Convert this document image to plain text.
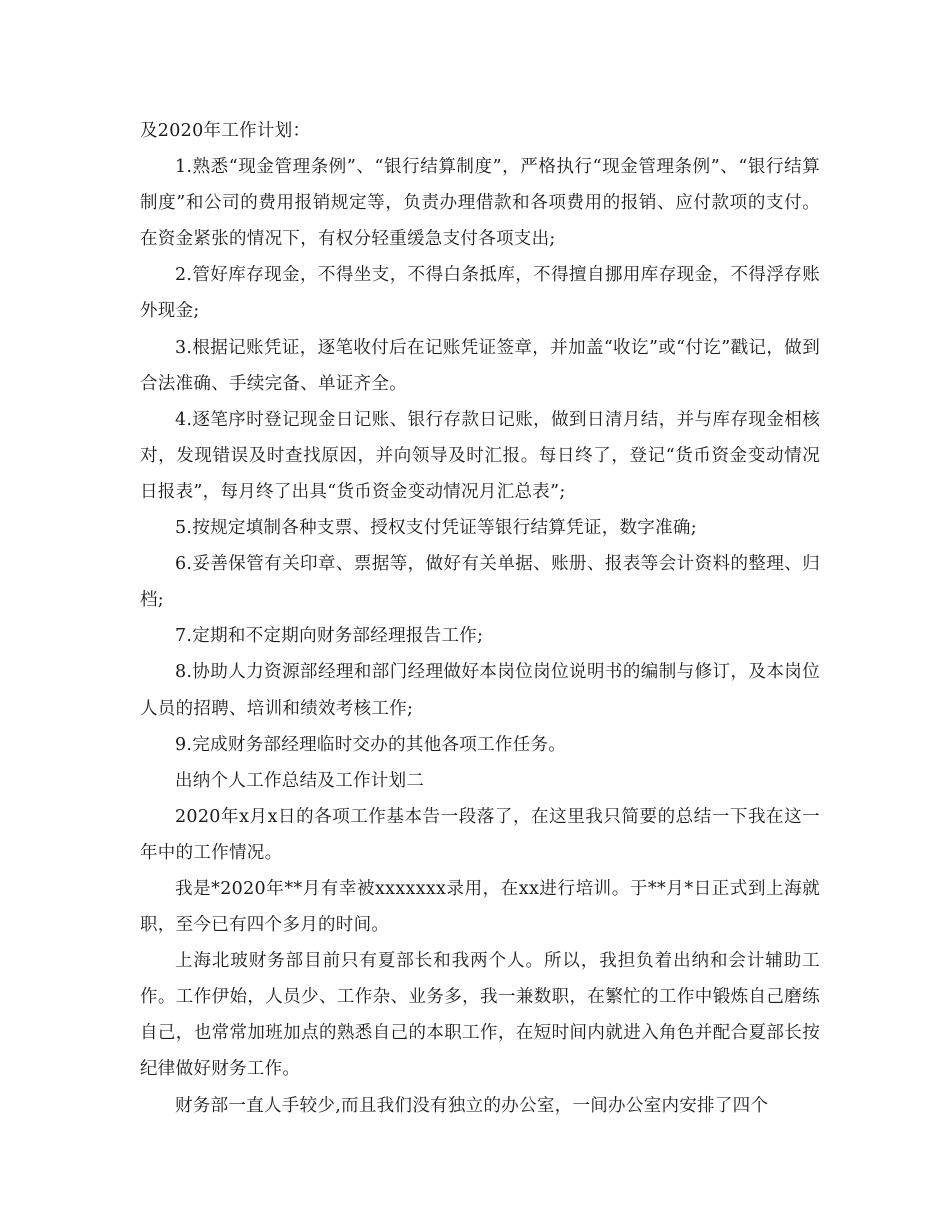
及2020年工作计划：

1.熟悉“现金管理条例”、“银行结算制度”，严格执行“现金管理条例”、“银行结算制度”和公司的费用报销规定等，负责办理借款和各项费用的报销、应付款项的支付。在资金紧张的情况下，有权分轻重缓急支付各项支出;

2.管好库存现金，不得坐支，不得白条抵库，不得擅自挪用库存现金，不得浮存账外现金;

3.根据记账凭证，逐笔收付后在记账凭证签章，并加盖“收讫”或“付讫”戳记，做到合法准确、手续完备、单证齐全。

4.逐笔序时登记现金日记账、银行存款日记账，做到日清月结，并与库存现金相核对，发现错误及时查找原因，并向领导及时汇报。每日终了，登记“货币资金变动情况日报表”，每月终了出具“货币资金变动情况月汇总表”;

5.按规定填制各种支票、授权支付凭证等银行结算凭证，数字准确;

6.妥善保管有关印章、票据等，做好有关单据、账册、报表等会计资料的整理、归档;

7.定期和不定期向财务部经理报告工作;

8.协助人力资源部经理和部门经理做好本岗位岗位说明书的编制与修订，及本岗位人员的招聘、培训和绩效考核工作;

9.完成财务部经理临时交办的其他各项工作任务。

出纳个人工作总结及工作计划二

2020年x月x日的各项工作基本告一段落了，在这里我只简要的总结一下我在这一年中的工作情况。

我是*2020年**月有幸被xxxxxxx录用，在xx进行培训。于**月*日正式到上海就职，至今已有四个多月的时间。

上海北玻财务部目前只有夏部长和我两个人。所以，我担负着出纳和会计辅助工作。工作伊始，人员少、工作杂、业务多，我一兼数职，在繁忙的工作中锻炼自己磨练自己，也常常加班加点的熟悉自己的本职工作，在短时间内就进入角色并配合夏部长按纪律做好财务工作。

财务部一直人手较少,而且我们没有独立的办公室，一间办公室内安排了四个
